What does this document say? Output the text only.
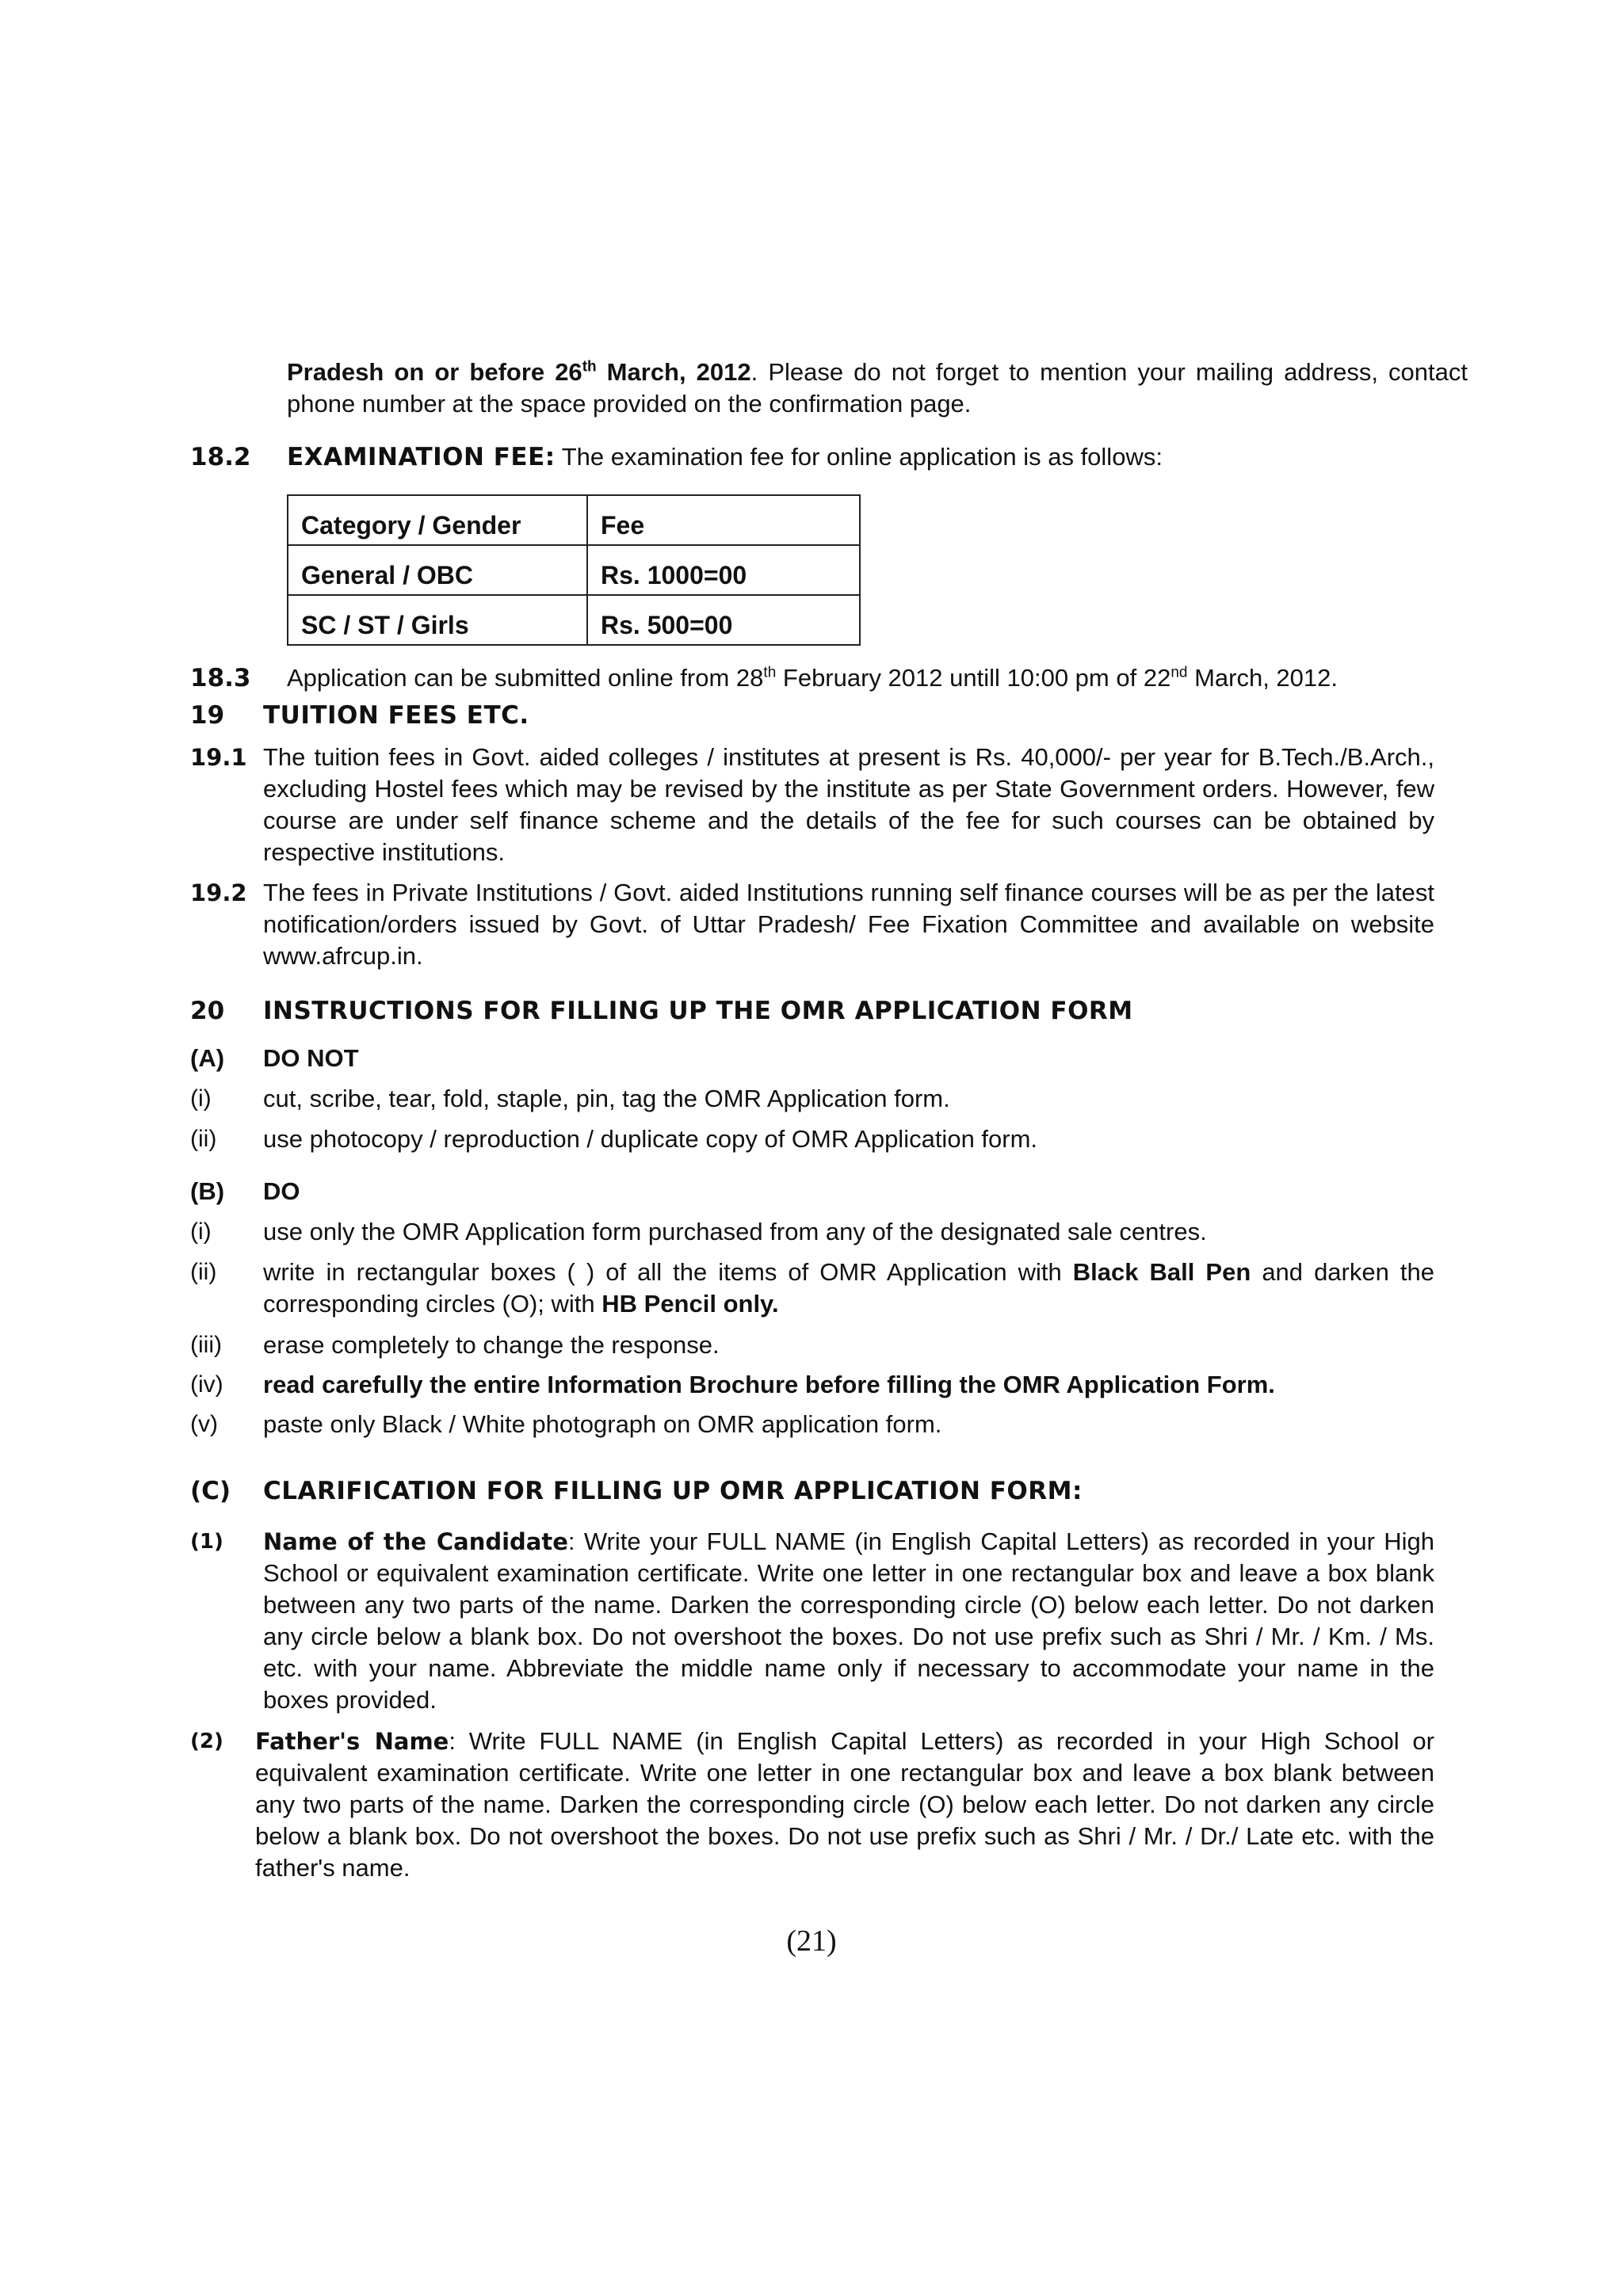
Pradesh on or before 26th March, 2012. Please do not forget to mention your mailing address, contact phone number at the space provided on the confirmation page.

18.2 EXAMINATION FEE: The examination fee for online application is as follows:

Category / Gender	Fee
General / OBC	Rs. 1000=00
SC / ST / Girls	Rs. 500=00
18.3 Application can be submitted online from 28th February 2012 untill 10:00 pm of 22nd March, 2012.

19 TUITION FEES ETC.
19.1 The tuition fees in Govt. aided colleges / institutes at present is Rs. 40,000/- per year for B.Tech./B.Arch., excluding Hostel fees which may be revised by the institute as per State Government orders. However, few course are under self finance scheme and the details of the fee for such courses can be obtained by respective institutions.

19.2 The fees in Private Institutions / Govt. aided Institutions running self finance courses will be as per the latest notification/orders issued by Govt. of Uttar Pradesh/ Fee Fixation Committee and available on website www.afrcup.in.

20 INSTRUCTIONS FOR FILLING UP THE OMR APPLICATION FORM
(A) DO NOT
(i) cut, scribe, tear, fold, staple, pin, tag the OMR Application form.
(ii) use photocopy / reproduction / duplicate copy of OMR Application form.
(B) DO
(i) use only the OMR Application form purchased from any of the designated sale centres.
(ii) write in rectangular boxes ( ) of all the items of OMR Application with Black Ball Pen and darken the corresponding circles (O); with HB Pencil only.

(iii) erase completely to change the response.
(iv) read carefully the entire Information Brochure before filling the OMR Application Form.
(v) paste only Black / White photograph on OMR application form.
(C) CLARIFICATION FOR FILLING UP OMR APPLICATION FORM:
(1) Name of the Candidate: Write your FULL NAME (in English Capital Letters) as recorded in your High School or equivalent examination certificate. Write one letter in one rectangular box and leave a box blank between any two parts of the name. Darken the corresponding circle (O) below each letter. Do not darken any circle below a blank box. Do not overshoot the boxes. Do not use prefix such as Shri / Mr. / Km. / Ms. etc. with your name. Abbreviate the middle name only if necessary to accommodate your name in the boxes provided.

(2) Father's Name: Write FULL NAME (in English Capital Letters) as recorded in your High School or equivalent examination certificate. Write one letter in one rectangular box and leave a box blank between any two parts of the name. Darken the corresponding circle (O) below each letter. Do not darken any circle below a blank box. Do not overshoot the boxes. Do not use prefix such as Shri / Mr. / Dr./ Late etc. with the father's name.

(21)
